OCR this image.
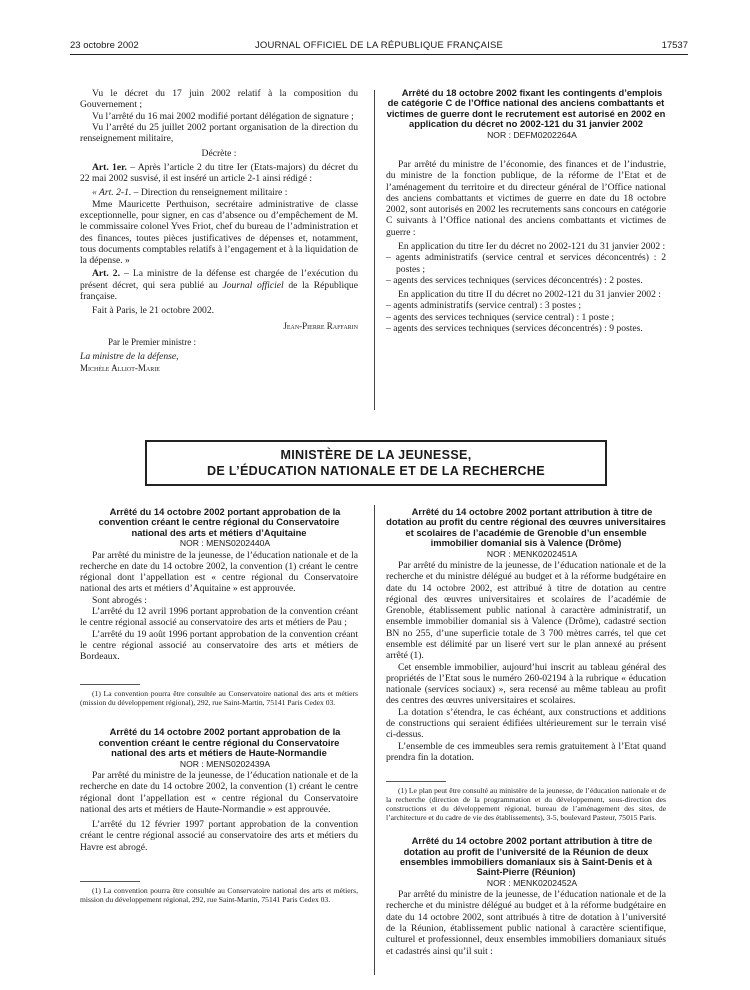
23 octobre 2002	JOURNAL OFFICIEL DE LA RÉPUBLIQUE FRANÇAISE	17537

Vu le décret du 17 juin 2002 relatif à la composition du Gouvernement ;

Vu l’arrêté du 16 mai 2002 modifié portant délégation de signature ;

Vu l’arrêté du 25 juillet 2002 portant organisation de la direction du renseignement militaire,

Décrète :

Art. 1er. – Après l’article 2 du titre Ier (Etats-majors) du décret du 22 mai 2002 susvisé, il est inséré un article 2-1 ainsi rédigé :

« Art. 2-1. – Direction du renseignement militaire :

Mme Mauricette Perthuison, secrétaire administrative de classe exceptionnelle, pour signer, en cas d’absence ou d’empêchement de M. le commissaire colonel Yves Friot, chef du bureau de l’administration et des finances, toutes pièces justificatives de dépenses et, notamment, tous documents comptables relatifs à l’engagement et à la liquidation de la dépense. »

Art. 2. – La ministre de la défense est chargée de l’exécution du présent décret, qui sera publié au Journal officiel de la République française.

Fait à Paris, le 21 octobre 2002.

Jean-Pierre Raffarin

Par le Premier ministre :

La ministre de la défense,

Michèle Alliot-Marie

Arrêté du 18 octobre 2002 fixant les contingents d’emplois de catégorie C de l’Office national des anciens combattants et victimes de guerre dont le recrutement est autorisé en 2002 en application du décret no 2002-121 du 31 janvier 2002

NOR : DEFM0202264A

Par arrêté du ministre de l’économie, des finances et de l’industrie, du ministre de la fonction publique, de la réforme de l’Etat et de l’aménagement du territoire et du directeur général de l’Office national des anciens combattants et victimes de guerre en date du 18 octobre 2002, sont autorisés en 2002 les recrutements sans concours en catégorie C suivants à l’Office national des anciens combattants et victimes de guerre :

En application du titre Ier du décret no 2002-121 du 31 janvier 2002 :

– agents administratifs (service central et services déconcentrés) : 2 postes ;

– agents des services techniques (services déconcentrés) : 2 postes.

En application du titre II du décret no 2002-121 du 31 janvier 2002 :

– agents administratifs (service central) : 3 postes ;

– agents des services techniques (service central) : 1 poste ;

– agents des services techniques (services déconcentrés) : 9 postes.

MINISTÈRE DE LA JEUNESSE,
DE L’ÉDUCATION NATIONALE ET DE LA RECHERCHE

Arrêté du 14 octobre 2002 portant approbation de la convention créant le centre régional du Conservatoire national des arts et métiers d’Aquitaine

NOR : MENS0202440A

Par arrêté du ministre de la jeunesse, de l’éducation nationale et de la recherche en date du 14 octobre 2002, la convention (1) créant le centre régional dont l’appellation est « centre régional du Conservatoire national des arts et métiers d’Aquitaine » est approuvée.

Sont abrogés :

L’arrêté du 12 avril 1996 portant approbation de la convention créant le centre régional associé au conservatoire des arts et métiers de Pau ;

L’arrêté du 19 août 1996 portant approbation de la convention créant le centre régional associé au conservatoire des arts et métiers de Bordeaux.

(1) La convention pourra être consultée au Conservatoire national des arts et métiers (mission du développement régional), 292, rue Saint-Martin, 75141 Paris Cedex 03.

Arrêté du 14 octobre 2002 portant approbation de la convention créant le centre régional du Conservatoire national des arts et métiers de Haute-Normandie

NOR : MENS0202439A

Par arrêté du ministre de la jeunesse, de l’éducation nationale et de la recherche en date du 14 octobre 2002, la convention (1) créant le centre régional dont l’appellation est « centre régional du Conservatoire national des arts et métiers de Haute-Normandie » est approuvée.

L’arrêté du 12 février 1997 portant approbation de la convention créant le centre régional associé au conservatoire des arts et métiers du Havre est abrogé.

(1) La convention pourra être consultée au Conservatoire national des arts et métiers, mission du développement régional, 292, rue Saint-Martin, 75141 Paris Cedex 03.

Arrêté du 14 octobre 2002 portant attribution à titre de dotation au profit du centre régional des œuvres universitaires et scolaires de l’académie de Grenoble d’un ensemble immobilier domanial sis à Valence (Drôme)

NOR : MENK0202451A

Par arrêté du ministre de la jeunesse, de l’éducation nationale et de la recherche et du ministre délégué au budget et à la réforme budgétaire en date du 14 octobre 2002, est attribué à titre de dotation au centre régional des œuvres universitaires et scolaires de l’académie de Grenoble, établissement public national à caractère administratif, un ensemble immobilier domanial sis à Valence (Drôme), cadastré section BN no 255, d’une superficie totale de 3 700 mètres carrés, tel que cet ensemble est délimité par un liseré vert sur le plan annexé au présent arrêté (1).

Cet ensemble immobilier, aujourd’hui inscrit au tableau général des propriétés de l’Etat sous le numéro 260-02194 à la rubrique « éducation nationale (services sociaux) », sera recensé au même tableau au profit des centres des œuvres universitaires et scolaires.

La dotation s’étendra, le cas échéant, aux constructions et additions de constructions qui seraient édifiées ultérieurement sur le terrain visé ci-dessus.

L’ensemble de ces immeubles sera remis gratuitement à l’Etat quand prendra fin la dotation.

(1) Le plan peut être consulté au ministère de la jeunesse, de l’éducation nationale et de la recherche (direction de la programmation et du développement, sous-direction des constructions et du développement régional, bureau de l’aménagement des sites, de l’architecture et du cadre de vie des établissements), 3-5, boulevard Pasteur, 75015 Paris.

Arrêté du 14 octobre 2002 portant attribution à titre de dotation au profit de l’université de la Réunion de deux ensembles immobiliers domaniaux sis à Saint-Denis et à Saint-Pierre (Réunion)

NOR : MENK0202452A

Par arrêté du ministre de la jeunesse, de l’éducation nationale et de la recherche et du ministre délégué au budget et à la réforme budgétaire en date du 14 octobre 2002, sont attribués à titre de dotation à l’université de la Réunion, établissement public national à caractère scientifique, culturel et professionnel, deux ensembles immobiliers domaniaux situés et cadastrés ainsi qu’il suit :
